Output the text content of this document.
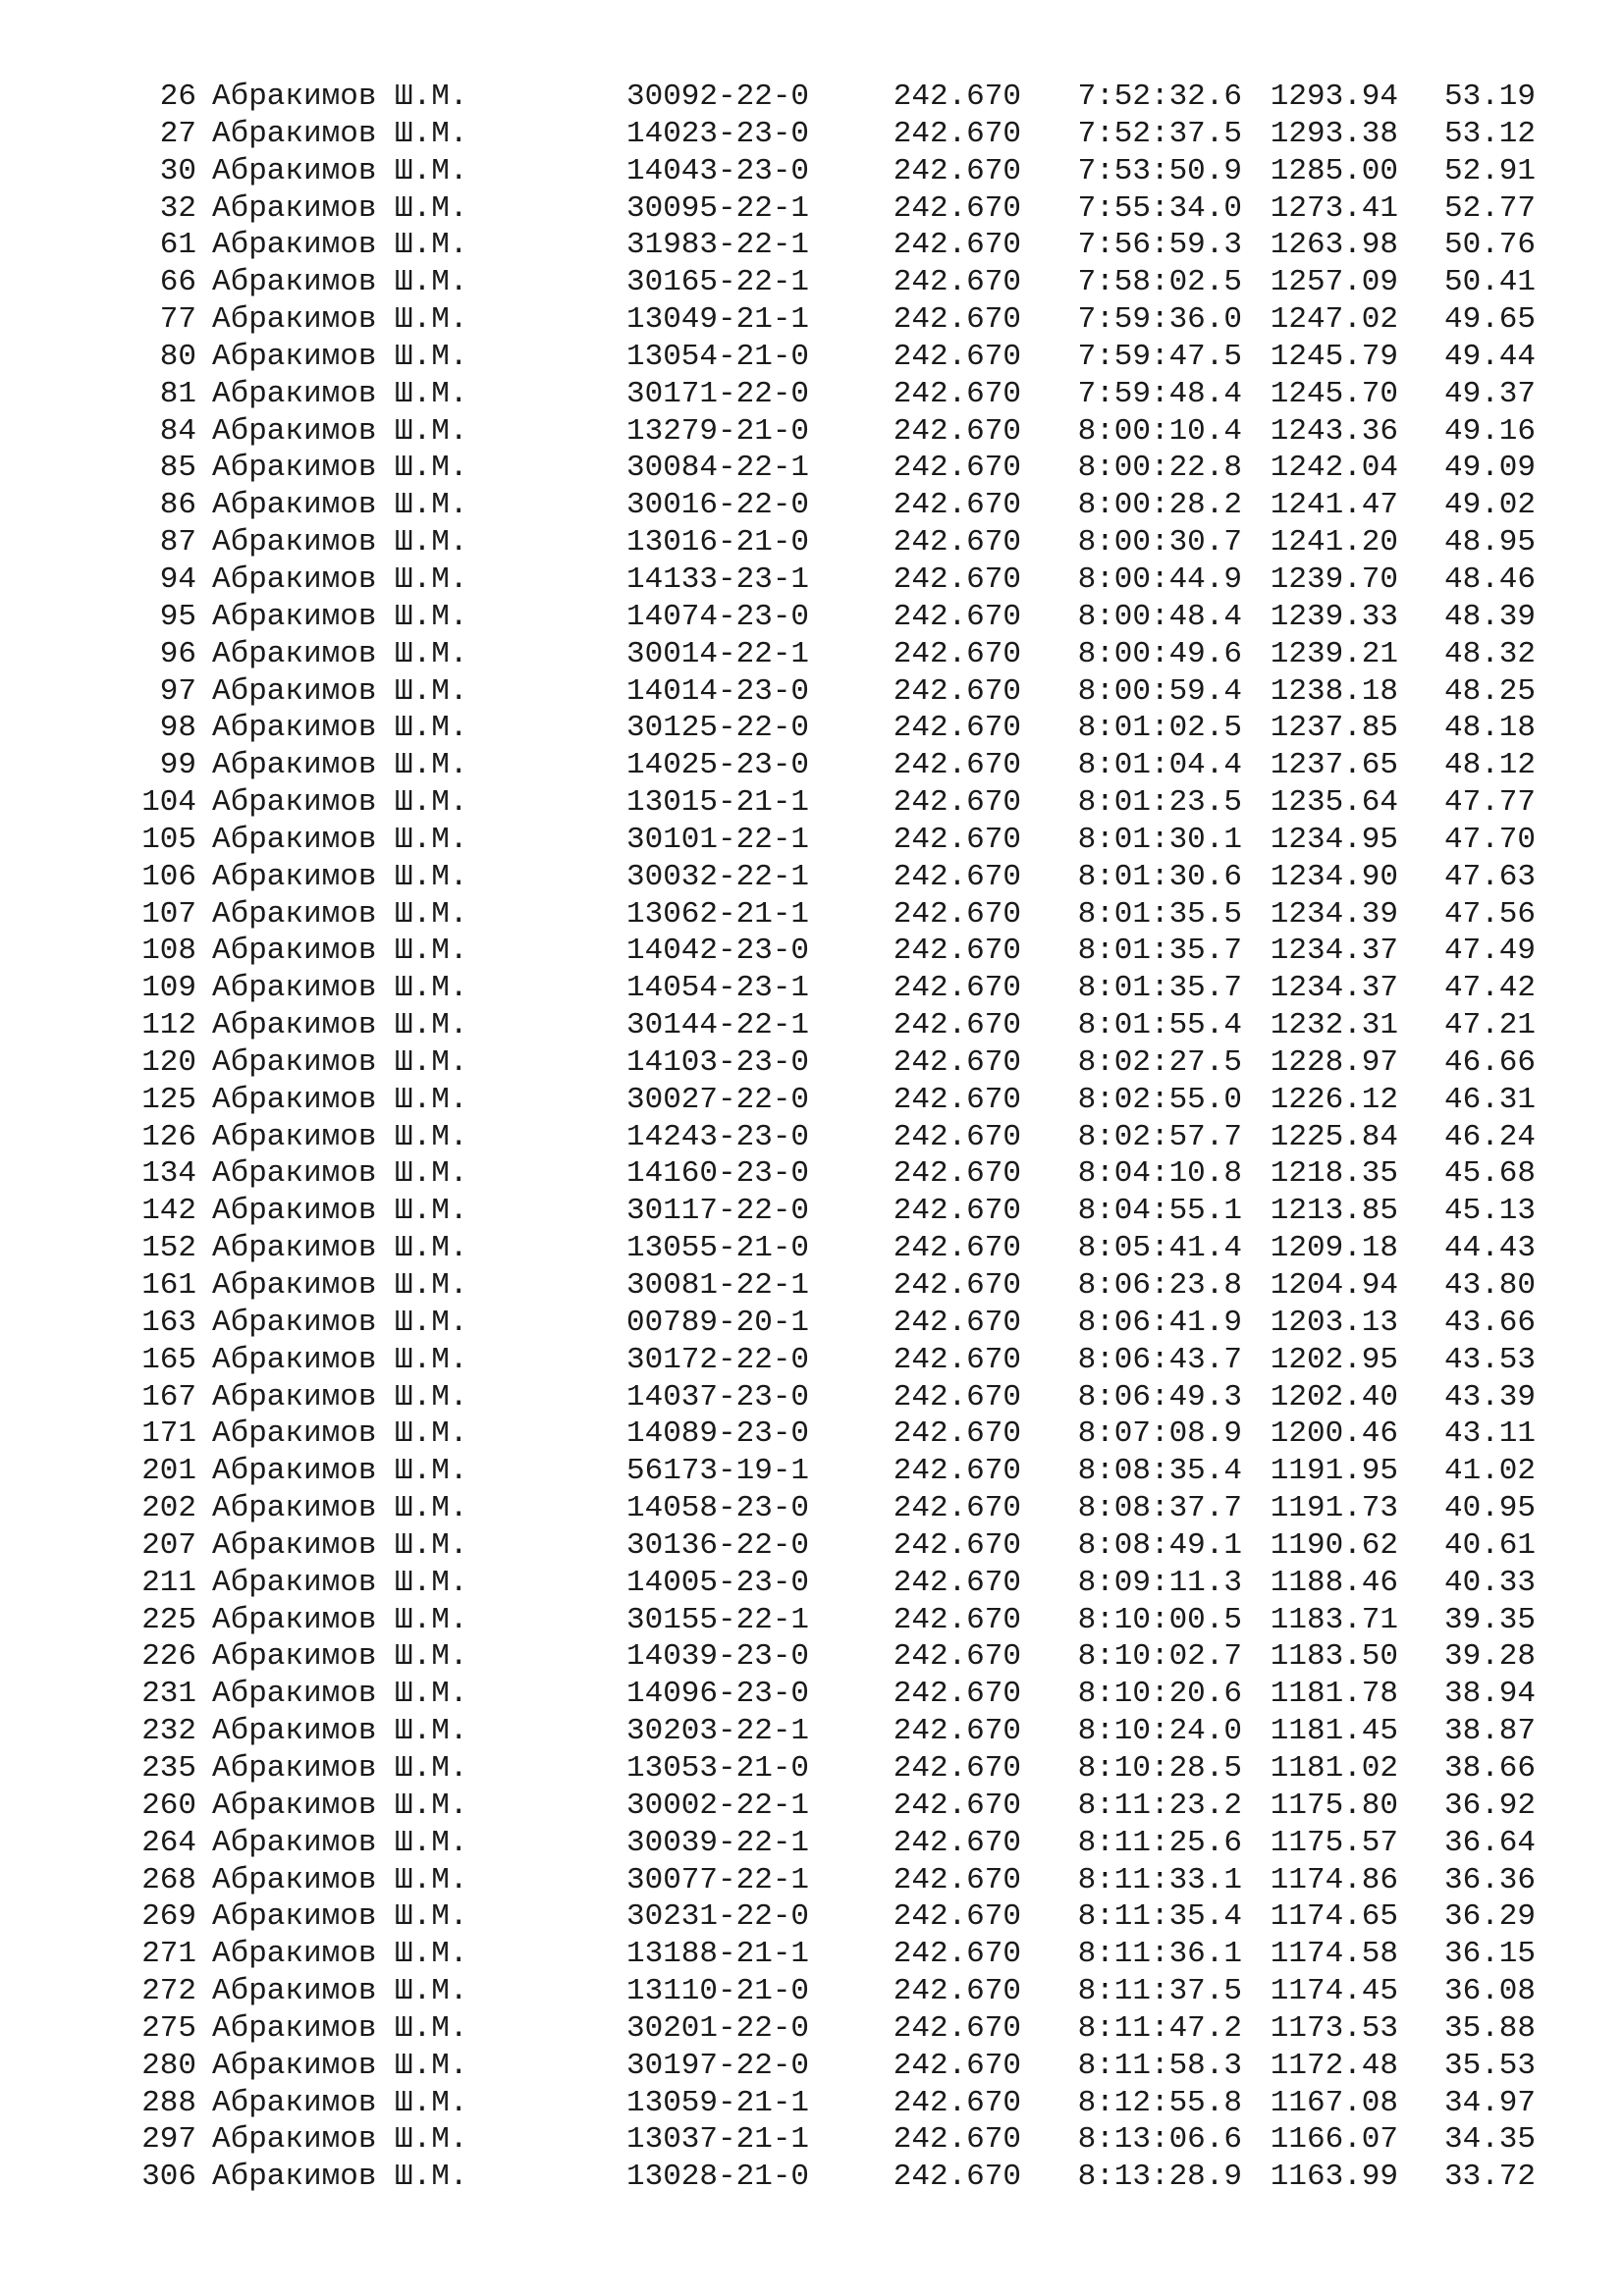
26 Абракимов Ш.М.	30092-22-0	242.670	7:52:32.6 1293.94	53.19
27 Абракимов Ш.М.	14023-23-0	242.670	7:52:37.5 1293.38	53.12
30 Абракимов Ш.М.	14043-23-0	242.670	7:53:50.9 1285.00	52.91
32 Абракимов Ш.М.	30095-22-1	242.670	7:55:34.0 1273.41	52.77
61 Абракимов Ш.М.	31983-22-1	242.670	7:56:59.3 1263.98	50.76
66 Абракимов Ш.М.	30165-22-1	242.670	7:58:02.5 1257.09	50.41
77 Абракимов Ш.М.	13049-21-1	242.670	7:59:36.0 1247.02	49.65
80 Абракимов Ш.М.	13054-21-0	242.670	7:59:47.5 1245.79	49.44
81 Абракимов Ш.М.	30171-22-0	242.670	7:59:48.4 1245.70	49.37
84 Абракимов Ш.М.	13279-21-0	242.670	8:00:10.4 1243.36	49.16
85 Абракимов Ш.М.	30084-22-1	242.670	8:00:22.8 1242.04	49.09
86 Абракимов Ш.М.	30016-22-0	242.670	8:00:28.2 1241.47	49.02
87 Абракимов Ш.М.	13016-21-0	242.670	8:00:30.7 1241.20	48.95
94 Абракимов Ш.М.	14133-23-1	242.670	8:00:44.9 1239.70	48.46
95 Абракимов Ш.М.	14074-23-0	242.670	8:00:48.4 1239.33	48.39
96 Абракимов Ш.М.	30014-22-1	242.670	8:00:49.6 1239.21	48.32
97 Абракимов Ш.М.	14014-23-0	242.670	8:00:59.4 1238.18	48.25
98 Абракимов Ш.М.	30125-22-0	242.670	8:01:02.5 1237.85	48.18
99 Абракимов Ш.М.	14025-23-0	242.670	8:01:04.4 1237.65	48.12
104 Абракимов Ш.М.	13015-21-1	242.670	8:01:23.5 1235.64	47.77
105 Абракимов Ш.М.	30101-22-1	242.670	8:01:30.1 1234.95	47.70
106 Абракимов Ш.М.	30032-22-1	242.670	8:01:30.6 1234.90	47.63
107 Абракимов Ш.М.	13062-21-1	242.670	8:01:35.5 1234.39	47.56
108 Абракимов Ш.М.	14042-23-0	242.670	8:01:35.7 1234.37	47.49
109 Абракимов Ш.М.	14054-23-1	242.670	8:01:35.7 1234.37	47.42
112 Абракимов Ш.М.	30144-22-1	242.670	8:01:55.4 1232.31	47.21
120 Абракимов Ш.М.	14103-23-0	242.670	8:02:27.5 1228.97	46.66
125 Абракимов Ш.М.	30027-22-0	242.670	8:02:55.0 1226.12	46.31
126 Абракимов Ш.М.	14243-23-0	242.670	8:02:57.7 1225.84	46.24
134 Абракимов Ш.М.	14160-23-0	242.670	8:04:10.8 1218.35	45.68
142 Абракимов Ш.М.	30117-22-0	242.670	8:04:55.1 1213.85	45.13
152 Абракимов Ш.М.	13055-21-0	242.670	8:05:41.4 1209.18	44.43
161 Абракимов Ш.М.	30081-22-1	242.670	8:06:23.8 1204.94	43.80
163 Абракимов Ш.М.	00789-20-1	242.670	8:06:41.9 1203.13	43.66
165 Абракимов Ш.М.	30172-22-0	242.670	8:06:43.7 1202.95	43.53
167 Абракимов Ш.М.	14037-23-0	242.670	8:06:49.3 1202.40	43.39
171 Абракимов Ш.М.	14089-23-0	242.670	8:07:08.9 1200.46	43.11
201 Абракимов Ш.М.	56173-19-1	242.670	8:08:35.4 1191.95	41.02
202 Абракимов Ш.М.	14058-23-0	242.670	8:08:37.7 1191.73	40.95
207 Абракимов Ш.М.	30136-22-0	242.670	8:08:49.1 1190.62	40.61
211 Абракимов Ш.М.	14005-23-0	242.670	8:09:11.3 1188.46	40.33
225 Абракимов Ш.М.	30155-22-1	242.670	8:10:00.5 1183.71	39.35
226 Абракимов Ш.М.	14039-23-0	242.670	8:10:02.7 1183.50	39.28
231 Абракимов Ш.М.	14096-23-0	242.670	8:10:20.6 1181.78	38.94
232 Абракимов Ш.М.	30203-22-1	242.670	8:10:24.0 1181.45	38.87
235 Абракимов Ш.М.	13053-21-0	242.670	8:10:28.5 1181.02	38.66
260 Абракимов Ш.М.	30002-22-1	242.670	8:11:23.2 1175.80	36.92
264 Абракимов Ш.М.	30039-22-1	242.670	8:11:25.6 1175.57	36.64
268 Абракимов Ш.М.	30077-22-1	242.670	8:11:33.1 1174.86	36.36
269 Абракимов Ш.М.	30231-22-0	242.670	8:11:35.4 1174.65	36.29
271 Абракимов Ш.М.	13188-21-1	242.670	8:11:36.1 1174.58	36.15
272 Абракимов Ш.М.	13110-21-0	242.670	8:11:37.5 1174.45	36.08
275 Абракимов Ш.М.	30201-22-0	242.670	8:11:47.2 1173.53	35.88
280 Абракимов Ш.М.	30197-22-0	242.670	8:11:58.3 1172.48	35.53
288 Абракимов Ш.М.	13059-21-1	242.670	8:12:55.8 1167.08	34.97
297 Абракимов Ш.М.	13037-21-1	242.670	8:13:06.6 1166.07	34.35
306 Абракимов Ш.М.	13028-21-0	242.670	8:13:28.9 1163.99	33.72
